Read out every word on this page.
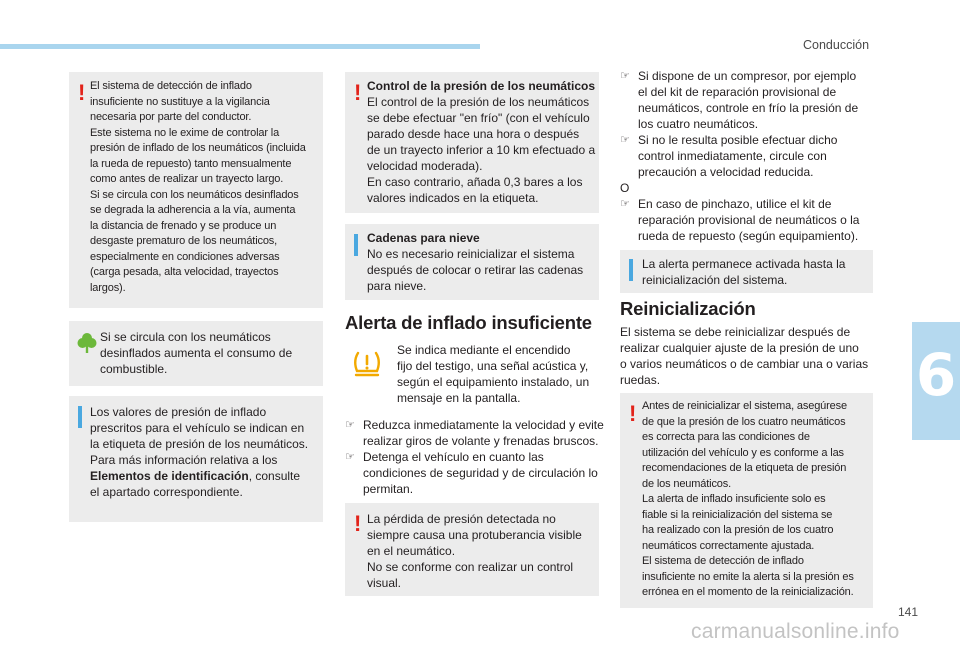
Conducción
6
! El sistema de detección de inflado

insuficiente no sustituye a la vigilancia

necesaria por parte del conductor.

Este sistema no le exime de controlar la

presión de inflado de los neumáticos (incluida

la rueda de repuesto) tanto mensualmente

como antes de realizar un trayecto largo.

Si se circula con los neumáticos desinflados

se degrada la adherencia a la vía, aumenta

la distancia de frenado y se produce un

desgaste prematuro de los neumáticos,

especialmente en condiciones adversas

(carga pesada, alta velocidad, trayectos

largos).

Si se circula con los neumáticos

desinflados aumenta el consumo de

combustible.

Los valores de presión de inflado

prescritos para el vehículo se indican en

la etiqueta de presión de los neumáticos.

Para más información relativa a los

Elementos de identificación, consulte

el apartado correspondiente.

! Control de la presión de los neumáticos

El control de la presión de los neumáticos

se debe efectuar "en frío" (con el vehículo

parado desde hace una hora o después

de un trayecto inferior a 10 km efectuado a

velocidad moderada).

En caso contrario, añada 0,3 bares a los

valores indicados en la etiqueta.

Cadenas para nieve

No es necesario reinicializar el sistema

después de colocar o retirar las cadenas

para nieve.

Alerta de inflado insuficiente

Se indica mediante el encendido

fijo del testigo, una señal acústica y,

según el equipamiento instalado, un

mensaje en la pantalla.

☞ Reduzca inmediatamente la velocidad y evite

realizar giros de volante y frenadas bruscos.

☞ Detenga el vehículo en cuanto las

condiciones de seguridad y de circulación lo

permitan.

! La pérdida de presión detectada no

siempre causa una protuberancia visible

en el neumático.

No se conforme con realizar un control

visual.

☞ Si dispone de un compresor, por ejemplo

el del kit de reparación provisional de

neumáticos, controle en frío la presión de

los cuatro neumáticos.

☞ Si no le resulta posible efectuar dicho

control inmediatamente, circule con

precaución a velocidad reducida.

O
☞ En caso de pinchazo, utilice el kit de

reparación provisional de neumáticos o la

rueda de repuesto (según equipamiento).

La alerta permanece activada hasta la

reinicialización del sistema.

Reinicialización

El sistema se debe reinicializar después de

realizar cualquier ajuste de la presión de uno

o varios neumáticos o de cambiar una o varias

ruedas.

! Antes de reinicializar el sistema, asegúrese

de que la presión de los cuatro neumáticos

es correcta para las condiciones de

utilización del vehículo y es conforme a las

recomendaciones de la etiqueta de presión

de los neumáticos.

La alerta de inflado insuficiente solo es

fiable si la reinicialización del sistema se

ha realizado con la presión de los cuatro

neumáticos correctamente ajustada.

El sistema de detección de inflado

insuficiente no emite la alerta si la presión es

errónea en el momento de la reinicialización.

141
carmanualsonline.info
